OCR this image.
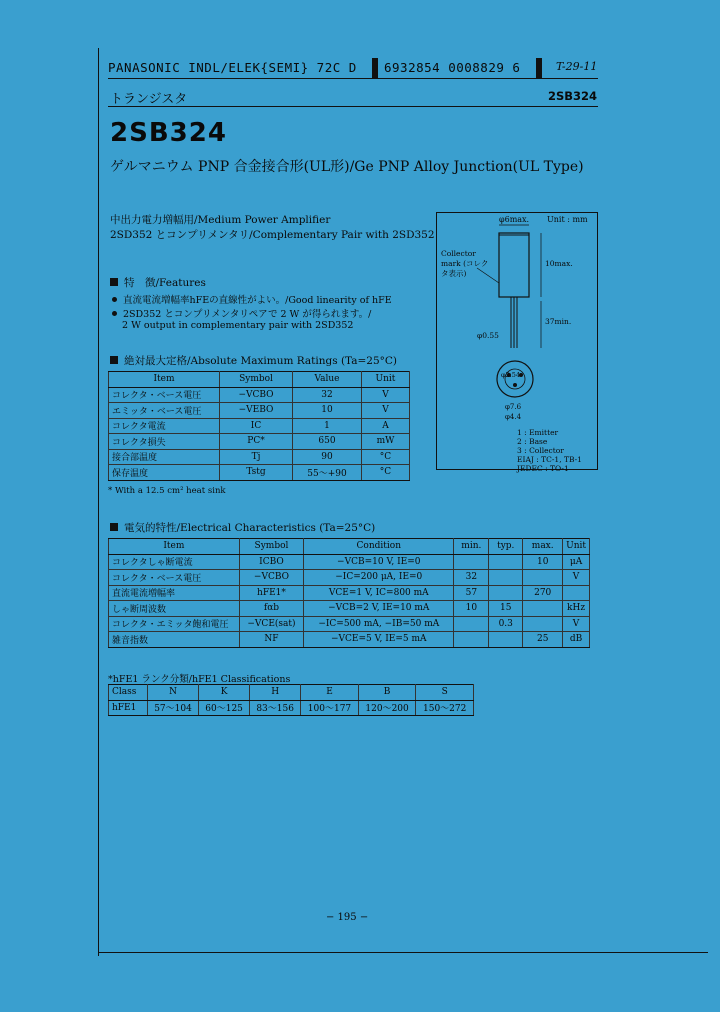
PANASONIC INDL/ELEK{SEMI} 72C D 6932854 0008829 6	T-29-11
トランジスタ	2SB324
2SB324
ゲルマニウム PNP 合金接合形(UL形)/Ge PNP Alloy Junction(UL Type)
中出力電力増幅用/Medium Power Amplifier
2SD352 とコンプリメンタリ/Complementary Pair with 2SD352
特　徴/Features
直流電流増幅率hFEの直線性がよい。/Good linearity of hFE
2SD352 とコンプリメンタリペアで 2 W が得られます。/
2 W output in complementary pair with 2SD352
絶対最大定格/Absolute Maximum Ratings (Ta=25°C)
Item	Symbol	Value	Unit
コレクタ・ベース電圧	−VCBO	32	V
エミッタ・ベース電圧	−VEBO	10	V
コレクタ電流	IC	1	A
コレクタ損失	PC*	650	mW
接合部温度	Tj	90	°C
保存温度	Tstg	55〜+90	°C
* With a 12.5 cm² heat sink
Unit : mm
φ6max.
Collector mark (コレクタ表示)
10max.
φ0.55
37min.
φ2.54
φ7.6
φ4.4
1 : Emitter
2 : Base
3 : Collector
EIAJ : TC-1, TB-1
JEDEC : TO-1
電気的特性/Electrical Characteristics (Ta=25°C)
Item	Symbol	Condition	min.	typ.	max.	Unit
コレクタしゃ断電流	ICBO	−VCB=10 V, IE=0			10	μA
コレクタ・ベース電圧	−VCBO	−IC=200 μA, IE=0	32			V
直流電流増幅率	hFE1*	VCE=1 V, IC=800 mA	57		270	
しゃ断周波数	fαb	−VCB=2 V, IE=10 mA	10	15		kHz
コレクタ・エミッタ飽和電圧	−VCE(sat)	−IC=500 mA, −IB=50 mA		0.3		V
雑音指数	NF	−VCE=5 V, IE=5 mA			25	dB
*hFE1 ランク分類/hFE1 Classifications
Class	N	K	H	E	B	S
hFE1	57〜104	60〜125	83〜156	100〜177	120〜200	150〜272
− 195 −
